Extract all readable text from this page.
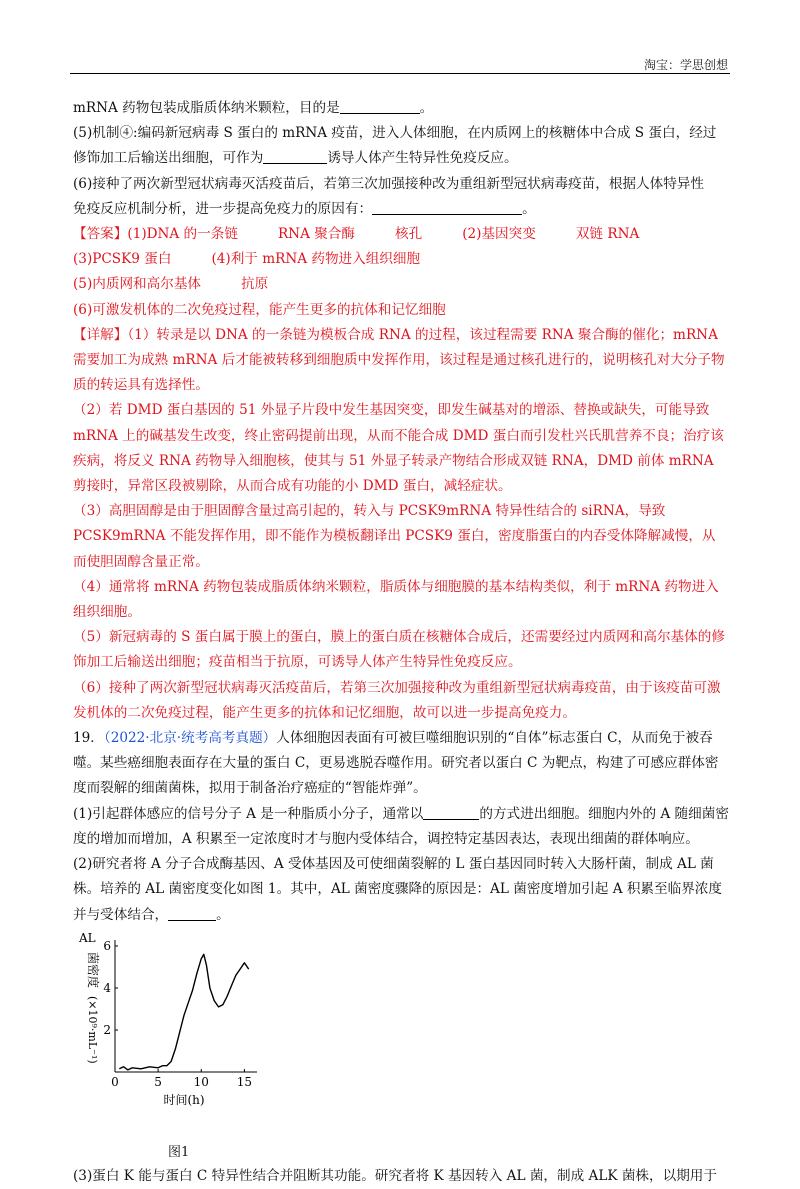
淘宝：学思创想

mRNA 药物包装成脂质体纳米颗粒，目的是	。

(5)机制④:编码新冠病毒 S 蛋白的 mRNA 疫苗，进入人体细胞，在内质网上的核糖体中合成 S 蛋白，经过

修饰加工后输送出细胞，可作为	诱导人体产生特异性免疫反应。

(6)接种了两次新型冠状病毒灭活疫苗后，若第三次加强接种改为重组新型冠状病毒疫苗，根据人体特异性

免疫反应机制分析，进一步提高免疫力的原因有：	。

【答案】(1)DNA 的一条链	RNA 聚合酶	核孔	(2)基因突变	双链 RNA

(3)PCSK9 蛋白	(4)利于 mRNA 药物进入组织细胞

(5)内质网和高尔基体	抗原

(6)可激发机体的二次免疫过程，能产生更多的抗体和记忆细胞

【详解】（1）转录是以 DNA 的一条链为模板合成 RNA 的过程，该过程需要 RNA 聚合酶的催化；mRNA 需要加工为成熟 mRNA 后才能被转移到细胞质中发挥作用，该过程是通过核孔进行的，说明核孔对大分子物质的转运具有选择性。

（2）若 DMD 蛋白基因的 51 外显子片段中发生基因突变，即发生碱基对的增添、替换或缺失，可能导致 mRNA 上的碱基发生改变，终止密码提前出现，从而不能合成 DMD 蛋白而引发杜兴氏肌营养不良；治疗该疾病，将反义 RNA 药物导入细胞核，使其与 51 外显子转录产物结合形成双链 RNA，DMD 前体 mRNA 剪接时，异常区段被剔除，从而合成有功能的小 DMD 蛋白，减轻症状。

（3）高胆固醇是由于胆固醇含量过高引起的，转入与 PCSK9mRNA 特异性结合的 siRNA，导致 PCSK9mRNA 不能发挥作用，即不能作为模板翻译出 PCSK9 蛋白，密度脂蛋白的内吞受体降解减慢，从而使胆固醇含量正常。

（4）通常将 mRNA 药物包装成脂质体纳米颗粒，脂质体与细胞膜的基本结构类似，利于 mRNA 药物进入组织细胞。

（5）新冠病毒的 S 蛋白属于膜上的蛋白，膜上的蛋白质在核糖体合成后，还需要经过内质网和高尔基体的修饰加工后输送出细胞；疫苗相当于抗原，可诱导人体产生特异性免疫反应。

（6）接种了两次新型冠状病毒灭活疫苗后，若第三次加强接种改为重组新型冠状病毒疫苗，由于该疫苗可激发机体的二次免疫过程，能产生更多的抗体和记忆细胞，故可以进一步提高免疫力。

19．（2022·北京·统考高考真题）人体细胞因表面有可被巨噬细胞识别的“自体”标志蛋白 C，从而免于被吞噬。某些癌细胞表面存在大量的蛋白 C，更易逃脱吞噬作用。研究者以蛋白 C 为靶点，构建了可感应群体密度而裂解的细菌菌株，拟用于制备治疗癌症的“智能炸弹”。

(1)引起群体感应的信号分子 A 是一种脂质小分子，通常以	的方式进出细胞。细胞内外的 A 随细菌密度的增加而增加，A 积累至一定浓度时才与胞内受体结合，调控特定基因表达，表现出细菌的群体响应。

(2)研究者将 A 分子合成酶基因、A 受体基因及可使细菌裂解的 L 蛋白基因同时转入大肠杆菌，制成 AL 菌株。培养的 AL 菌密度变化如图 1。其中，AL 菌密度骤降的原因是：AL 菌密度增加引起 A 积累至临界浓度并与受体结合，	。

0	5	10 15
2
4
6
AL
菌密度
(×10⁹·mL⁻¹)
时间(h)
图1

(3)蛋白 K 能与蛋白 C 特异性结合并阻断其功能。研究者将 K 基因转入 AL 菌，制成 ALK 菌株，以期用于
